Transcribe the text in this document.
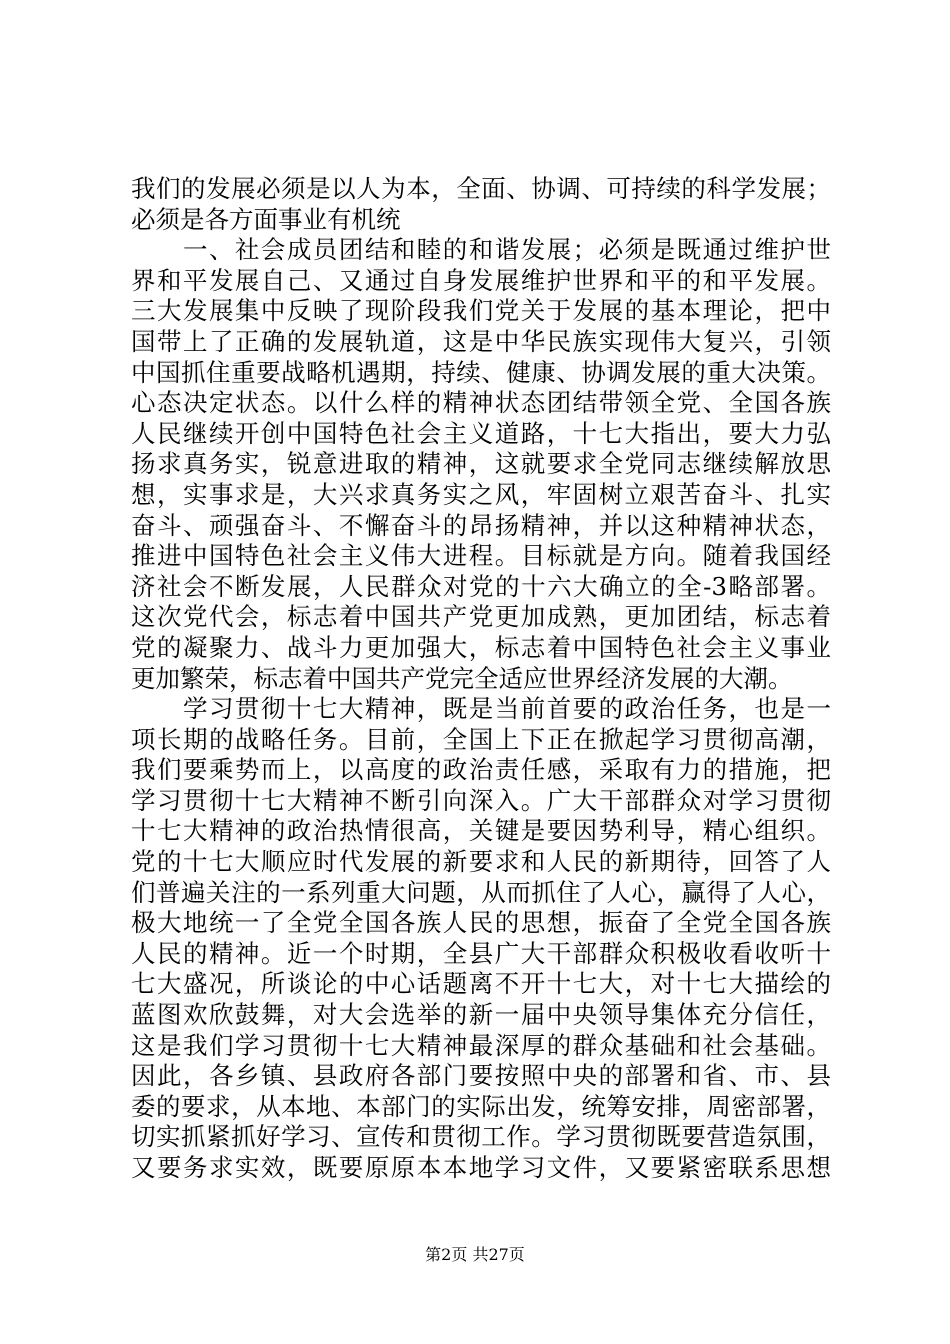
我们的发展必须是以人为本，全面、协调、可持续的科学发展；
必须是各方面事业有机统
　　一、社会成员团结和睦的和谐发展；必须是既通过维护世
界和平发展自己、又通过自身发展维护世界和平的和平发展。
三大发展集中反映了现阶段我们党关于发展的基本理论，把中
国带上了正确的发展轨道，这是中华民族实现伟大复兴，引领
中国抓住重要战略机遇期，持续、健康、协调发展的重大决策。
心态决定状态。以什么样的精神状态团结带领全党、全国各族
人民继续开创中国特色社会主义道路，十七大指出，要大力弘
扬求真务实，锐意进取的精神，这就要求全党同志继续解放思
想，实事求是，大兴求真务实之风，牢固树立艰苦奋斗、扎实
奋斗、顽强奋斗、不懈奋斗的昂扬精神，并以这种精神状态，
推进中国特色社会主义伟大进程。目标就是方向。随着我国经
济社会不断发展，人民群众对党的十六大确立的全-3略部署。
这次党代会，标志着中国共产党更加成熟，更加团结，标志着
党的凝聚力、战斗力更加强大，标志着中国特色社会主义事业
更加繁荣，标志着中国共产党完全适应世界经济发展的大潮。
　　学习贯彻十七大精神，既是当前首要的政治任务，也是一
项长期的战略任务。目前，全国上下正在掀起学习贯彻高潮，
我们要乘势而上，以高度的政治责任感，采取有力的措施，把
学习贯彻十七大精神不断引向深入。广大干部群众对学习贯彻
十七大精神的政治热情很高，关键是要因势利导，精心组织。
党的十七大顺应时代发展的新要求和人民的新期待，回答了人
们普遍关注的一系列重大问题，从而抓住了人心，赢得了人心，
极大地统一了全党全国各族人民的思想，振奋了全党全国各族
人民的精神。近一个时期，全县广大干部群众积极收看收听十
七大盛况，所谈论的中心话题离不开十七大，对十七大描绘的
蓝图欢欣鼓舞，对大会选举的新一届中央领导集体充分信任，
这是我们学习贯彻十七大精神最深厚的群众基础和社会基础。
因此，各乡镇、县政府各部门要按照中央的部署和省、市、县
委的要求，从本地、本部门的实际出发，统筹安排，周密部署，
切实抓紧抓好学习、宣传和贯彻工作。学习贯彻既要营造氛围，
又要务求实效，既要原原本本地学习文件，又要紧密联系思想
第2页 共27页
